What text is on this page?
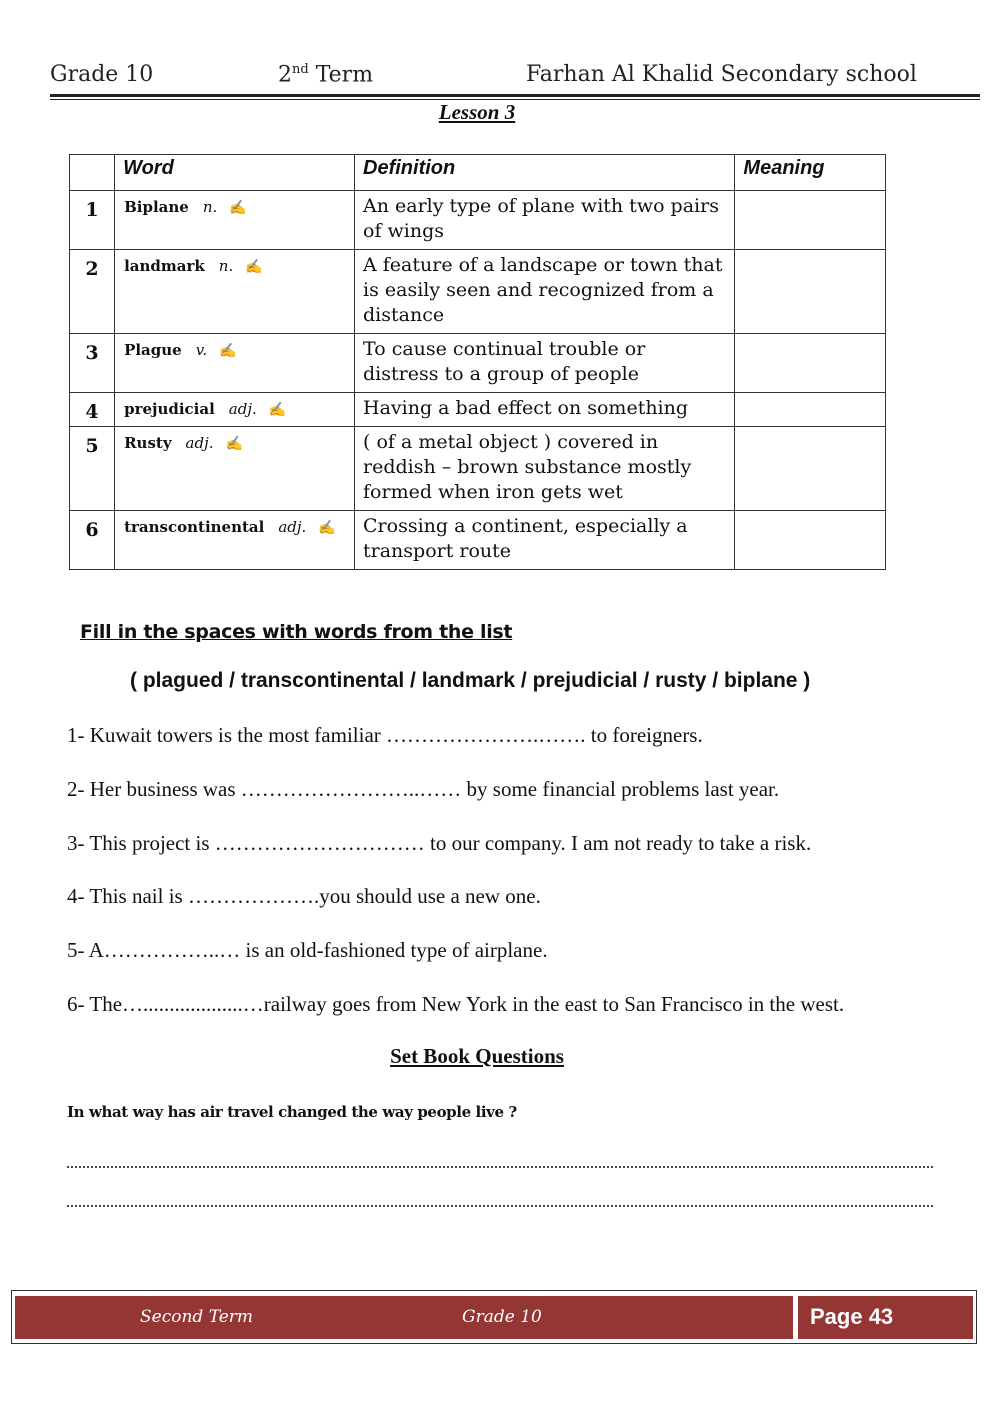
Grade 10	2nd Term	Farhan Al Khalid Secondary school
Lesson 3
	Word	Definition	Meaning
1	Biplane n. ✍	An early type of plane with two pairs of wings	
2	landmark n. ✍	A feature of a landscape or town that is easily seen and recognized from a distance	
3	Plague v. ✍	To cause continual trouble or distress to a group of people	
4	prejudicial adj. ✍	Having a bad effect on something	
5	Rusty adj. ✍	( of a metal object ) covered in reddish – brown substance mostly formed when iron gets wet	
6	transcontinental adj. ✍	Crossing a continent, especially a transport route	
Fill in the spaces with words from the list
( plagued / transcontinental / landmark / prejudicial / rusty / biplane )
1- Kuwait towers is the most familiar ………………….……. to foreigners.
2- Her business was ……………………..…… by some financial problems last year.
3- This project is ………………………… to our company. I am not ready to take a risk.
4- This nail is ……………….you should use a new one.
5- A……………..… is an old-fashioned type of airplane.
6- The…...................…railway goes from New York in the east to San Francisco in the west.
Set Book Questions
In what way has air travel changed the way people live ?
Second Term	Grade 10	Page 43
